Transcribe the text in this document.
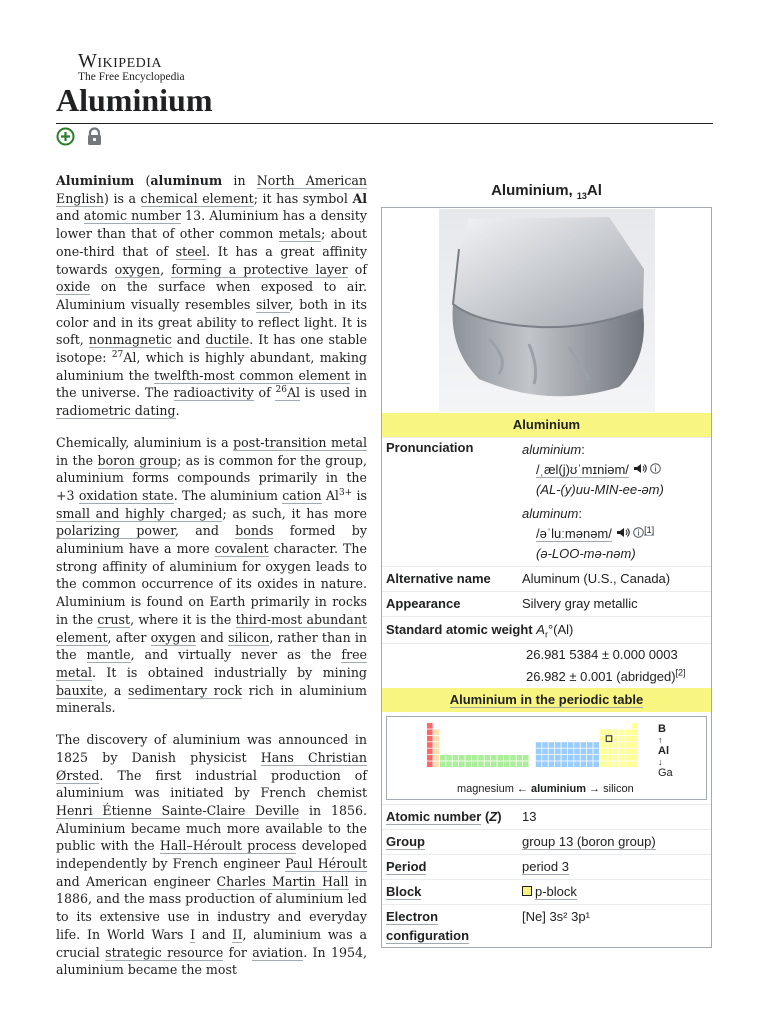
Wikipedia
The Free Encyclopedia
Aluminium

Aluminium (aluminum in North American English) is a chemical element; it has symbol Al and atomic number 13. Aluminium has a density lower than that of other common metals; about one-third that of steel. It has a great affinity towards oxygen, forming a protective layer of oxide on the surface when exposed to air. Aluminium visually resembles silver, both in its color and in its great ability to reflect light. It is soft, nonmagnetic and ductile. It has one stable isotope: $^{27}$Al, which is highly abundant, making aluminium the twelfth-most common element in the universe. The radioactivity of $^{26}$Al is used in radiometric dating.

Chemically, aluminium is a post-transition metal in the boron group; as is common for the group, aluminium forms compounds primarily in the +3 oxidation state. The aluminium cation $Al^{3+}$ is small and highly charged; as such, it has more polarizing power, and bonds formed by aluminium have a more covalent character. The strong affinity of aluminium for oxygen leads to the common occurrence of its oxides in nature. Aluminium is found on Earth primarily in rocks in the crust, where it is the third-most abundant element, after oxygen and silicon, rather than in the mantle, and virtually never as the free metal. It is obtained industrially by mining bauxite, a sedimentary rock rich in aluminium minerals.

The discovery of aluminium was announced in 1825 by Danish physicist Hans Christian Ørsted. The first industrial production of aluminium was initiated by French chemist Henri Étienne Sainte-Claire Deville in 1856. Aluminium became much more available to the public with the Hall–Héroult process developed independently by French engineer Paul Héroult and American engineer Charles Martin Hall in 1886, and the mass production of aluminium led to its extensive use in industry and everyday life. In World Wars I and II, aluminium was a crucial strategic resource for aviation. In 1954, aluminium became the most

Aluminium, $_{13}$Al
Aluminium
Pronunciation	aluminium:
/ˌæl(j)ʊˈmɪniəm/
(AL-(y)uu-MIN-ee-əm)
aluminum:
/əˈluːmənəm/	[1]
(ə-LOO-mə-nəm)
Alternative name	Aluminum (U.S., Canada)
Appearance	Silvery gray metallic
Standard atomic weight $A_r^\circ(Al)$
26.981 5384 ± 0.000 0003
26.982 ± 0.001 (abridged)[2]
Aluminium in the periodic table
B
↑
Al
↓
Ga
magnesium ← aluminium → silicon
Atomic number (Z)	13
Group	group 13 (boron group)
Period	period 3
Block	p-block
Electron configuration
[Ne] 3s² 3p¹
